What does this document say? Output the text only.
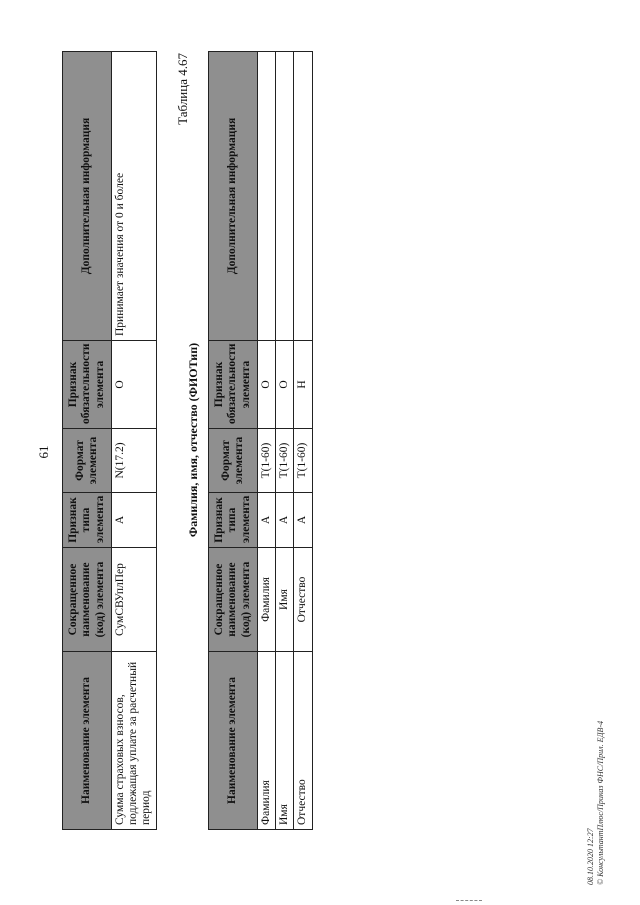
61
Наименование элемента	Сокращенное наименование (код) элемента	Признак типа элемента	Формат элемента	Признак обязательности элемента	Дополнительная информация
Сумма страховых взносов, подлежащая уплате за расчетный период	СумСВУплПер	А	N(17.2)	О	Принимает значения от 0 и более
Таблица 4.67
Фамилия, имя, отчество (ФИОТип)
Наименование элемента	Сокращенное наименование (код) элемента	Признак типа элемента	Формат элемента	Признак обязательности элемента	Дополнительная информация
Фамилия	Фамилия	А	T(1-60)	О	
Имя	Имя	А	T(1-60)	О	
Отчество	Отчество	А	T(1-60)	Н	
08.10.2020 12:27 © КонсультантПлюс/Приказ ФНС/Прил. ЕДВ-4
